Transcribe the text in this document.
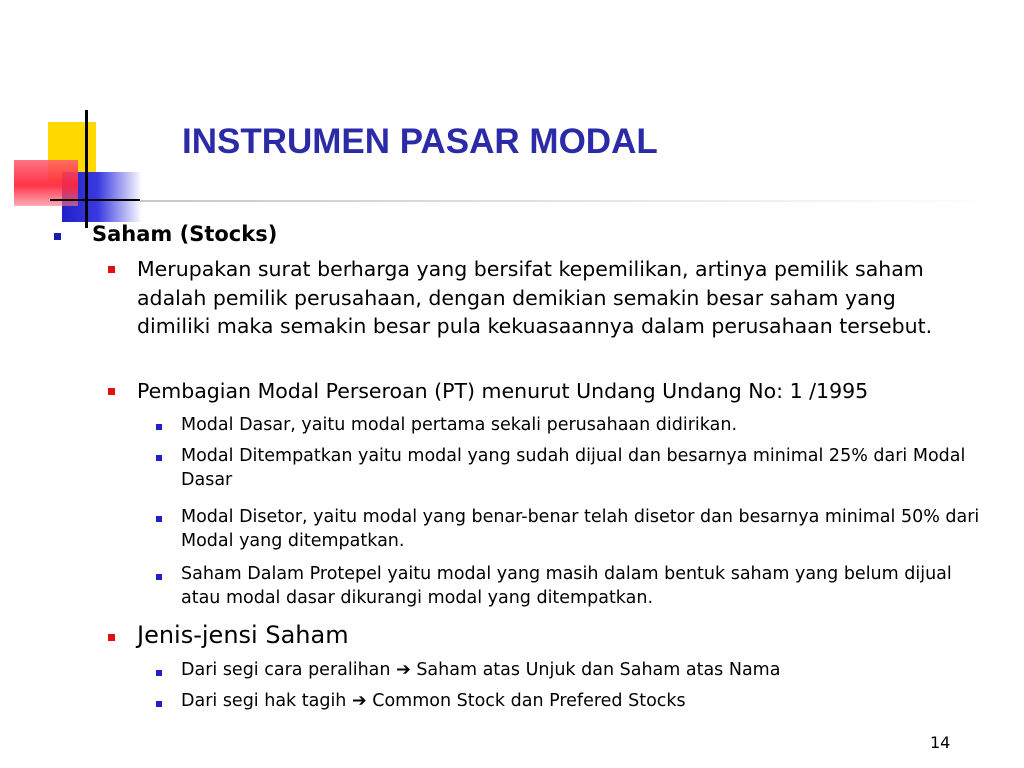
INSTRUMEN PASAR MODAL

Saham (Stocks)

Merupakan surat berharga yang bersifat kepemilikan, artinya pemilik saham adalah pemilik perusahaan, dengan demikian semakin besar saham yang dimiliki maka semakin besar pula kekuasaannya dalam perusahaan tersebut.

Pembagian Modal Perseroan (PT) menurut Undang Undang No: 1 /1995

Modal Dasar, yaitu modal pertama sekali perusahaan didirikan.

Modal Ditempatkan yaitu modal yang sudah dijual dan besarnya minimal 25% dari Modal Dasar

Modal Disetor, yaitu modal yang benar-benar telah disetor dan besarnya minimal 50% dari Modal yang ditempatkan.

Saham Dalam Protepel yaitu modal yang masih dalam bentuk saham yang belum dijual atau modal dasar dikurangi modal yang ditempatkan.

Jenis-jensi Saham

Dari segi cara peralihan ➔ Saham atas Unjuk dan Saham atas Nama

Dari segi hak tagih ➔ Common Stock dan Prefered Stocks

14
